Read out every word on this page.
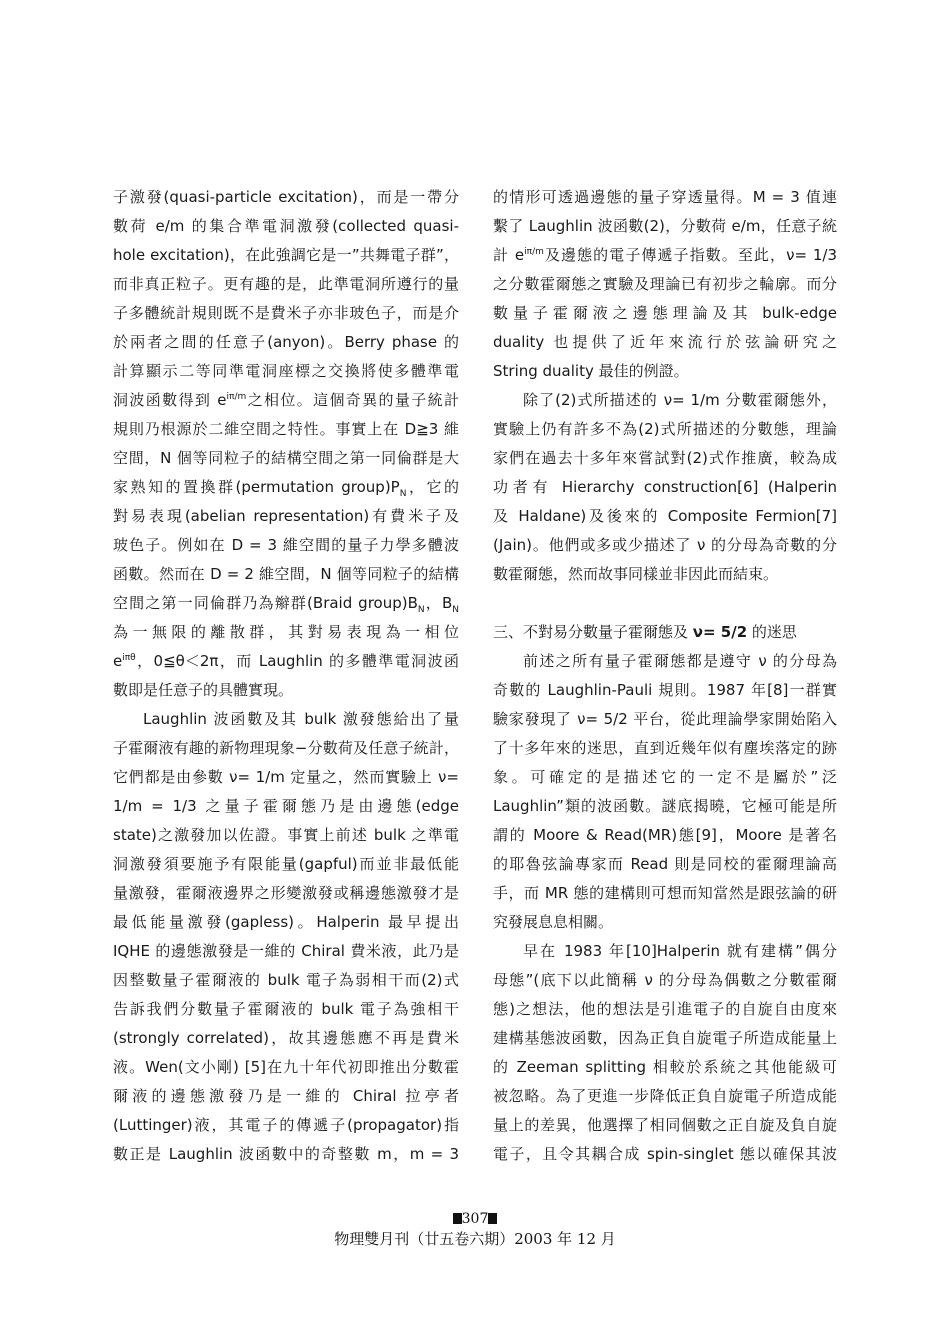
子激發(quasi-particle excitation)，而是一帶分
數荷 e/m 的集合準電洞激發(collected quasi-
hole excitation)，在此強調它是一”共舞電子群”，
而非真正粒子。更有趣的是，此準電洞所遵行的量
子多體統計規則既不是費米子亦非玻色子，而是介
於兩者之間的任意子(anyon)。Berry phase 的
計算顯示二等同準電洞座標之交換將使多體準電
洞波函數得到 $e^{i\pi/m}$之相位。這個奇異的量子統計
規則乃根源於二維空間之特性。事實上在 D≧3 維
空間，N 個等同粒子的結構空間之第一同倫群是大
家熟知的置換群(permutation $group)P_N$，它的
對易表現(abelian representation)有費米子及
玻色子。例如在 D = 3 維空間的量子力學多體波
函數。然而在 D = 2 維空間，N 個等同粒子的結構
空間之第一同倫群乃為辮群(Braid $group)B_N$，$B_N$
為一無限的離散群，其對易表現為一相位
$e^{i\pi\theta}$，0≦θ＜2π，而 Laughlin 的多體準電洞波函
數即是任意子的具體實現。
Laughlin 波函數及其 bulk 激發態給出了量
子霍爾液有趣的新物理現象−分數荷及任意子統計，
它們都是由參數 ν= 1/m 定量之，然而實驗上 ν=
1/m = 1/3 之量子霍爾態乃是由邊態(edge
state)之激發加以佐證。事實上前述 bulk 之準電
洞激發須要施予有限能量(gapful)而並非最低能
量激發，霍爾液邊界之形變激發或稱邊態激發才是
最低能量激發(gapless)。Halperin 最早提出
IQHE 的邊態激發是一維的 Chiral 費米液，此乃是
因整數量子霍爾液的 bulk 電子為弱相干而(2)式
告訴我們分數量子霍爾液的 bulk 電子為強相干
(strongly correlated)，故其邊態應不再是費米
液。Wen(文小剛) [5]在九十年代初即推出分數霍
爾液的邊態激發乃是一維的 Chiral 拉亭者
(Luttinger)液，其電子的傳遞子(propagator)指
數正是 Laughlin 波函數中的奇整數 m，m = 3
的情形可透過邊態的量子穿透量得。M = 3 值連
繫了 Laughlin 波函數(2)，分數荷 e/m，任意子統
計 $e^{i\pi/m}$及邊態的電子傳遞子指數。至此，ν= 1/3
之分數霍爾態之實驗及理論已有初步之輪廓。而分
數量子霍爾液之邊態理論及其 bulk-edge
duality 也提供了近年來流行於弦論研究之
String duality 最佳的例證。
除了(2)式所描述的 ν= 1/m 分數霍爾態外，
實驗上仍有許多不為(2)式所描述的分數態，理論
家們在過去十多年來嘗試對(2)式作推廣，較為成
功者有 Hierarchy construction[6] (Halperin
及 Haldane)及後來的 Composite Fermion[7]
(Jain)。他們或多或少描述了 ν 的分母為奇數的分
數霍爾態，然而故事同樣並非因此而結束。
三、不對易分數量子霍爾態及 ν= 5/2 的迷思
前述之所有量子霍爾態都是遵守 ν 的分母為
奇數的 Laughlin-Pauli 規則。1987 年[8]一群實
驗家發現了 ν= 5/2 平台，從此理論學家開始陷入
了十多年來的迷思，直到近幾年似有塵埃落定的跡
象。可確定的是描述它的一定不是屬於”泛
Laughlin”類的波函數。謎底揭曉，它極可能是所
謂的 Moore & Read(MR)態[9]，Moore 是著名
的耶魯弦論專家而 Read 則是同校的霍爾理論高
手，而 MR 態的建構則可想而知當然是跟弦論的研
究發展息息相關。
早在 1983 年[10]Halperin 就有建構”偶分
母態”(底下以此簡稱 ν 的分母為偶數之分數霍爾
態)之想法，他的想法是引進電子的自旋自由度來
建構基態波函數，因為正負自旋電子所造成能量上
的 Zeeman splitting 相較於系統之其他能級可
被忽略。為了更進一步降低正負自旋電子所造成能
量上的差異，他選擇了相同個數之正自旋及負自旋
電子，且令其耦合成 spin-singlet 態以確保其波
307
物理雙月刊（廿五卷六期）2003 年 12 月
